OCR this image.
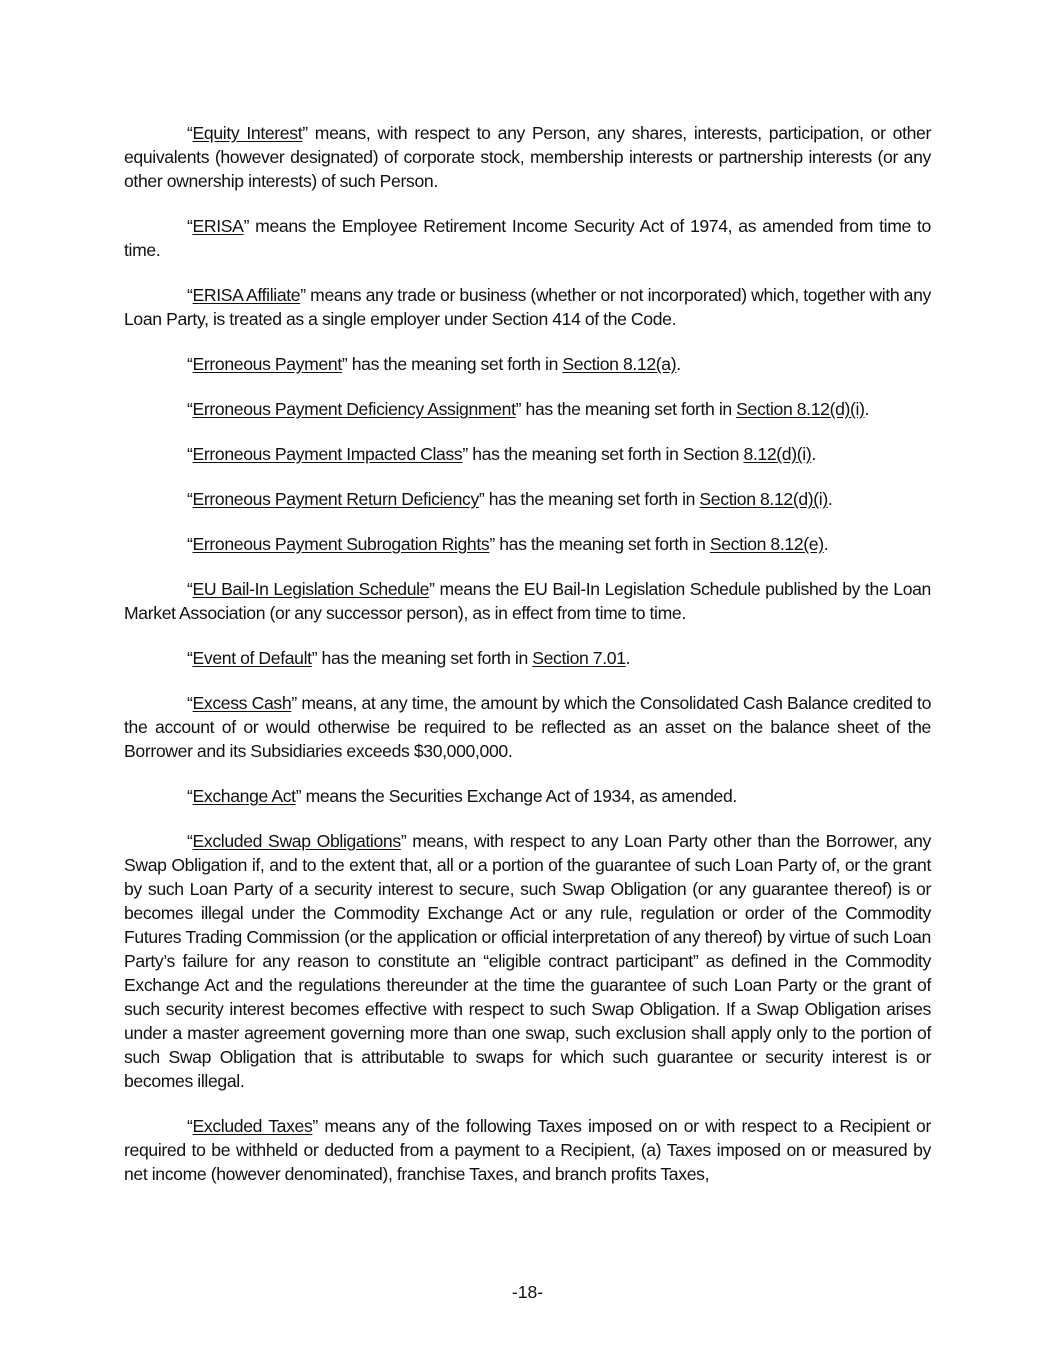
“Equity Interest” means, with respect to any Person, any shares, interests, participation, or other equivalents (however designated) of corporate stock, membership interests or partnership interests (or any other ownership interests) of such Person.

“ERISA” means the Employee Retirement Income Security Act of 1974, as amended from time to time.

“ERISA Affiliate” means any trade or business (whether or not incorporated) which, together with any Loan Party, is treated as a single employer under Section 414 of the Code.

“Erroneous Payment” has the meaning set forth in Section 8.12(a).

“Erroneous Payment Deficiency Assignment” has the meaning set forth in Section 8.12(d)(i).

“Erroneous Payment Impacted Class” has the meaning set forth in Section 8.12(d)(i).

“Erroneous Payment Return Deficiency” has the meaning set forth in Section 8.12(d)(i).

“Erroneous Payment Subrogation Rights” has the meaning set forth in Section 8.12(e).

“EU Bail-In Legislation Schedule” means the EU Bail-In Legislation Schedule published by the Loan Market Association (or any successor person), as in effect from time to time.

“Event of Default” has the meaning set forth in Section 7.01.

“Excess Cash” means, at any time, the amount by which the Consolidated Cash Balance credited to the account of or would otherwise be required to be reflected as an asset on the balance sheet of the Borrower and its Subsidiaries exceeds $30,000,000.

“Exchange Act” means the Securities Exchange Act of 1934, as amended.

“Excluded Swap Obligations” means, with respect to any Loan Party other than the Borrower, any Swap Obligation if, and to the extent that, all or a portion of the guarantee of such Loan Party of, or the grant by such Loan Party of a security interest to secure, such Swap Obligation (or any guarantee thereof) is or becomes illegal under the Commodity Exchange Act or any rule, regulation or order of the Commodity Futures Trading Commission (or the application or official interpretation of any thereof) by virtue of such Loan Party’s failure for any reason to constitute an “eligible contract participant” as defined in the Commodity Exchange Act and the regulations thereunder at the time the guarantee of such Loan Party or the grant of such security interest becomes effective with respect to such Swap Obligation. If a Swap Obligation arises under a master agreement governing more than one swap, such exclusion shall apply only to the portion of such Swap Obligation that is attributable to swaps for which such guarantee or security interest is or becomes illegal.

“Excluded Taxes” means any of the following Taxes imposed on or with respect to a Recipient or required to be withheld or deducted from a payment to a Recipient, (a) Taxes imposed on or measured by net income (however denominated), franchise Taxes, and branch profits Taxes,

-18-
